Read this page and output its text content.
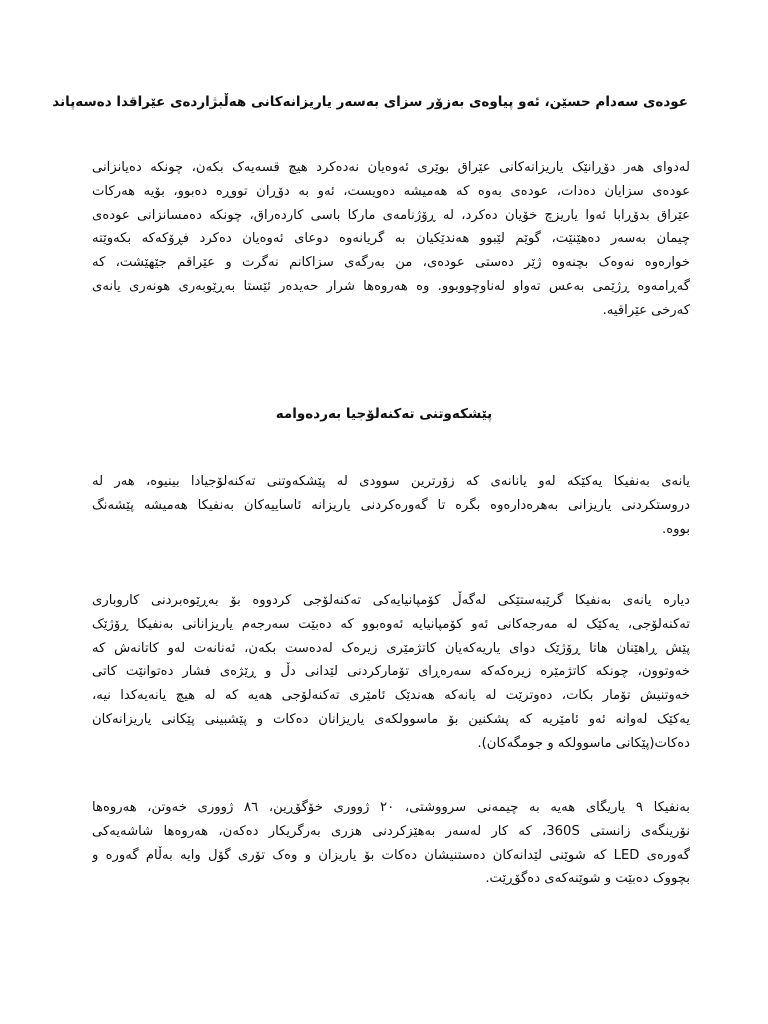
عودەی سەدام حسێن، ئەو پیاوەی بەزۆر سزای بەسەر یاریزانەکانی هەڵبژاردەی عێراقدا دەسەپاند

لەدوای هەر دۆڕانێک یاریزانەکانی عێراق بوێری ئەوەیان نەدەکرد هیچ قسەیەک بکەن، چونکە دەیانزانی
عودەی سزایان دەدات، عودەی بەوە کە هەمیشە دەویست، ئەو بە دۆڕان تووڕە دەبوو، بۆیە هەرکات
عێراق بدۆڕابا ئەوا یاریزچ خۆیان دەکرد، لە ڕۆژنامەی مارکا باسی کاردەراق، چونکە دەمسانزانی عودەی
چیمان بەسەر دەهێنێت، گوێم لێبوو هەندێکیان بە گریانەوە دوعای ئەوەیان دەکرد فڕۆکەکە بکەوێتە
خوارەوە نەوەک بچنەوە ژێر دەستی عودەی، من بەرگەی سزاکانم نەگرت و عێراقم جێهێشت، کە
گەڕامەوە ڕژێمی بەعس تەواو لەناوچووبوو. وە هەروەها شرار حەیدەر ئێستا بەڕێوبەری هونەری یانەی
کەرخی عێراقیە.

پێشکەوتنی تەکنەلۆجیا بەردەوامە

یانەی بەنفیکا یەکێکە لەو یانانەی کە زۆرترین سوودی لە پێشکەوتنی تەکنەلۆجیادا بینیوە، هەر لە
دروستکردنی یاریزانی بەهرەدارەوە بگرە تا گەورەکردنی یاریزانە ئاساییەکان بەنفیکا هەمیشە پێشەنگ
بووە.

دیارە یانەی بەنفیکا گرێبەستێکی لەگەڵ کۆمپانیایەکی تەکنەلۆجی کردووە بۆ بەڕێوەبردنی کاروباری
تەکنەلۆجی، یەکێک لە مەرجەکانی ئەو کۆمپانیایە ئەوەبوو کە دەبێت سەرجەم یاریزانانی بەنفیکا ڕۆژێک
پێش ڕاهێنان هاتا ڕۆژێک دوای یاریەکەیان کاتژمێری زیرەک لەدەست بکەن، ئەنانەت لەو کاتانەش کە
خەوتوون، چونکە کاتژمێرە زیرەکەکە سەرەڕای تۆمارکردنی لێدانی دڵ و ڕێژەی فشار دەتوانێت کاتی
خەوتنیش تۆمار بکات، دەوترێت لە یانەکە هەندێک ئامێری تەکنەلۆجی هەیە کە لە هیچ یانەیەکدا نیە،
یەکێک لەوانە ئەو ئامێریە کە پشکنین بۆ ماسوولکەی یاریزانان دەکات و پێشبینی پێکانی یاریزانەکان
دەکات(پێکانی ماسوولکە و جومگەکان).

بەنفیکا ٩ یاریگای هەیە بە چیمەنی سرووشتی، ٢٠ ژووری خۆگۆڕین، ٨٦ ژووری خەوتن، هەروەها
نۆرینگەی زانستی 360S، کە کار لەسەر بەهێزکردنی هزری بەرگریکار دەکەن، هەروەها شاشەیەکی
گەورەی LED کە شوێنی لێدانەکان دەستنیشان دەکات بۆ یاریزان و وەک تۆری گۆل وایە بەڵام گەورە و
بچووک دەبێت و شوێنەکەی دەگۆڕێت.
